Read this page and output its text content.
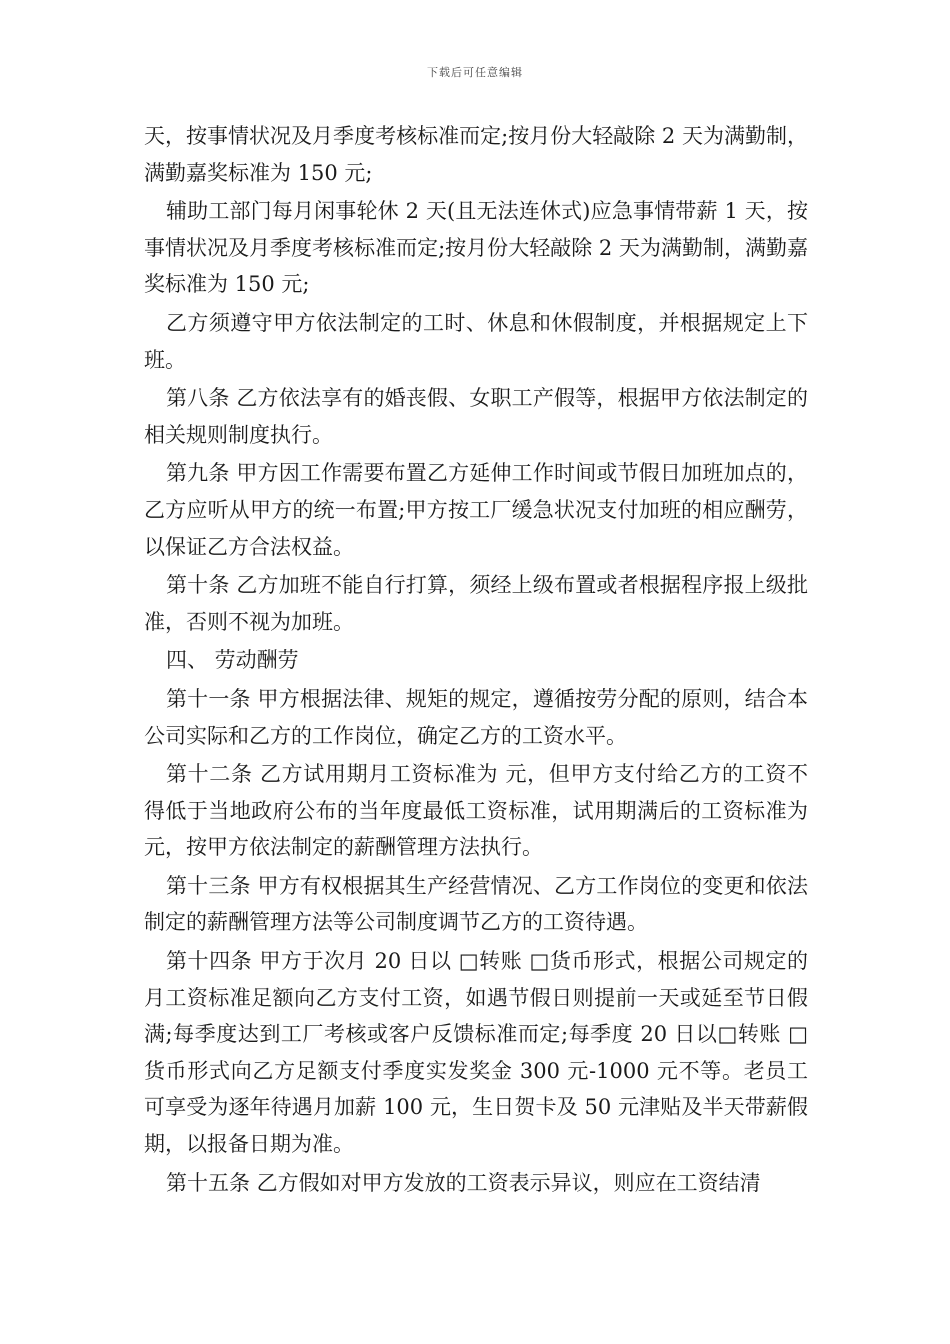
下载后可任意编辑

天，按事情状况及月季度考核标准而定;按月份大轻敲除 2 天为满勤制，满勤嘉奖标准为 150 元;

辅助工部门每月闲事轮休 2 天(且无法连休式)应急事情带薪 1 天，按事情状况及月季度考核标准而定;按月份大轻敲除 2 天为满勤制，满勤嘉奖标准为 150 元;

乙方须遵守甲方依法制定的工时、休息和休假制度，并根据规定上下班。

第八条 乙方依法享有的婚丧假、女职工产假等，根据甲方依法制定的相关规则制度执行。

第九条 甲方因工作需要布置乙方延伸工作时间或节假日加班加点的，乙方应听从甲方的统一布置;甲方按工厂缓急状况支付加班的相应酬劳，以保证乙方合法权益。

第十条 乙方加班不能自行打算，须经上级布置或者根据程序报上级批准，否则不视为加班。

四、 劳动酬劳

第十一条 甲方根据法律、规矩的规定，遵循按劳分配的原则，结合本公司实际和乙方的工作岗位，确定乙方的工资水平。

第十二条 乙方试用期月工资标准为 元，但甲方支付给乙方的工资不得低于当地政府公布的当年度最低工资标准，试用期满后的工资标准为 元，按甲方依法制定的薪酬管理方法执行。

第十三条 甲方有权根据其生产经营情况、乙方工作岗位的变更和依法制定的薪酬管理方法等公司制度调节乙方的工资待遇。

第十四条 甲方于次月 20 日以 □转账 □货币形式，根据公司规定的月工资标准足额向乙方支付工资，如遇节假日则提前一天或延至节日假满;每季度达到工厂考核或客户反馈标准而定;每季度 20 日以□转账 □货币形式向乙方足额支付季度实发奖金 300 元-1000 元不等。老员工可享受为逐年待遇月加薪 100 元，生日贺卡及 50 元津贴及半天带薪假期，以报备日期为准。

第十五条 乙方假如对甲方发放的工资表示异议，则应在工资结清
